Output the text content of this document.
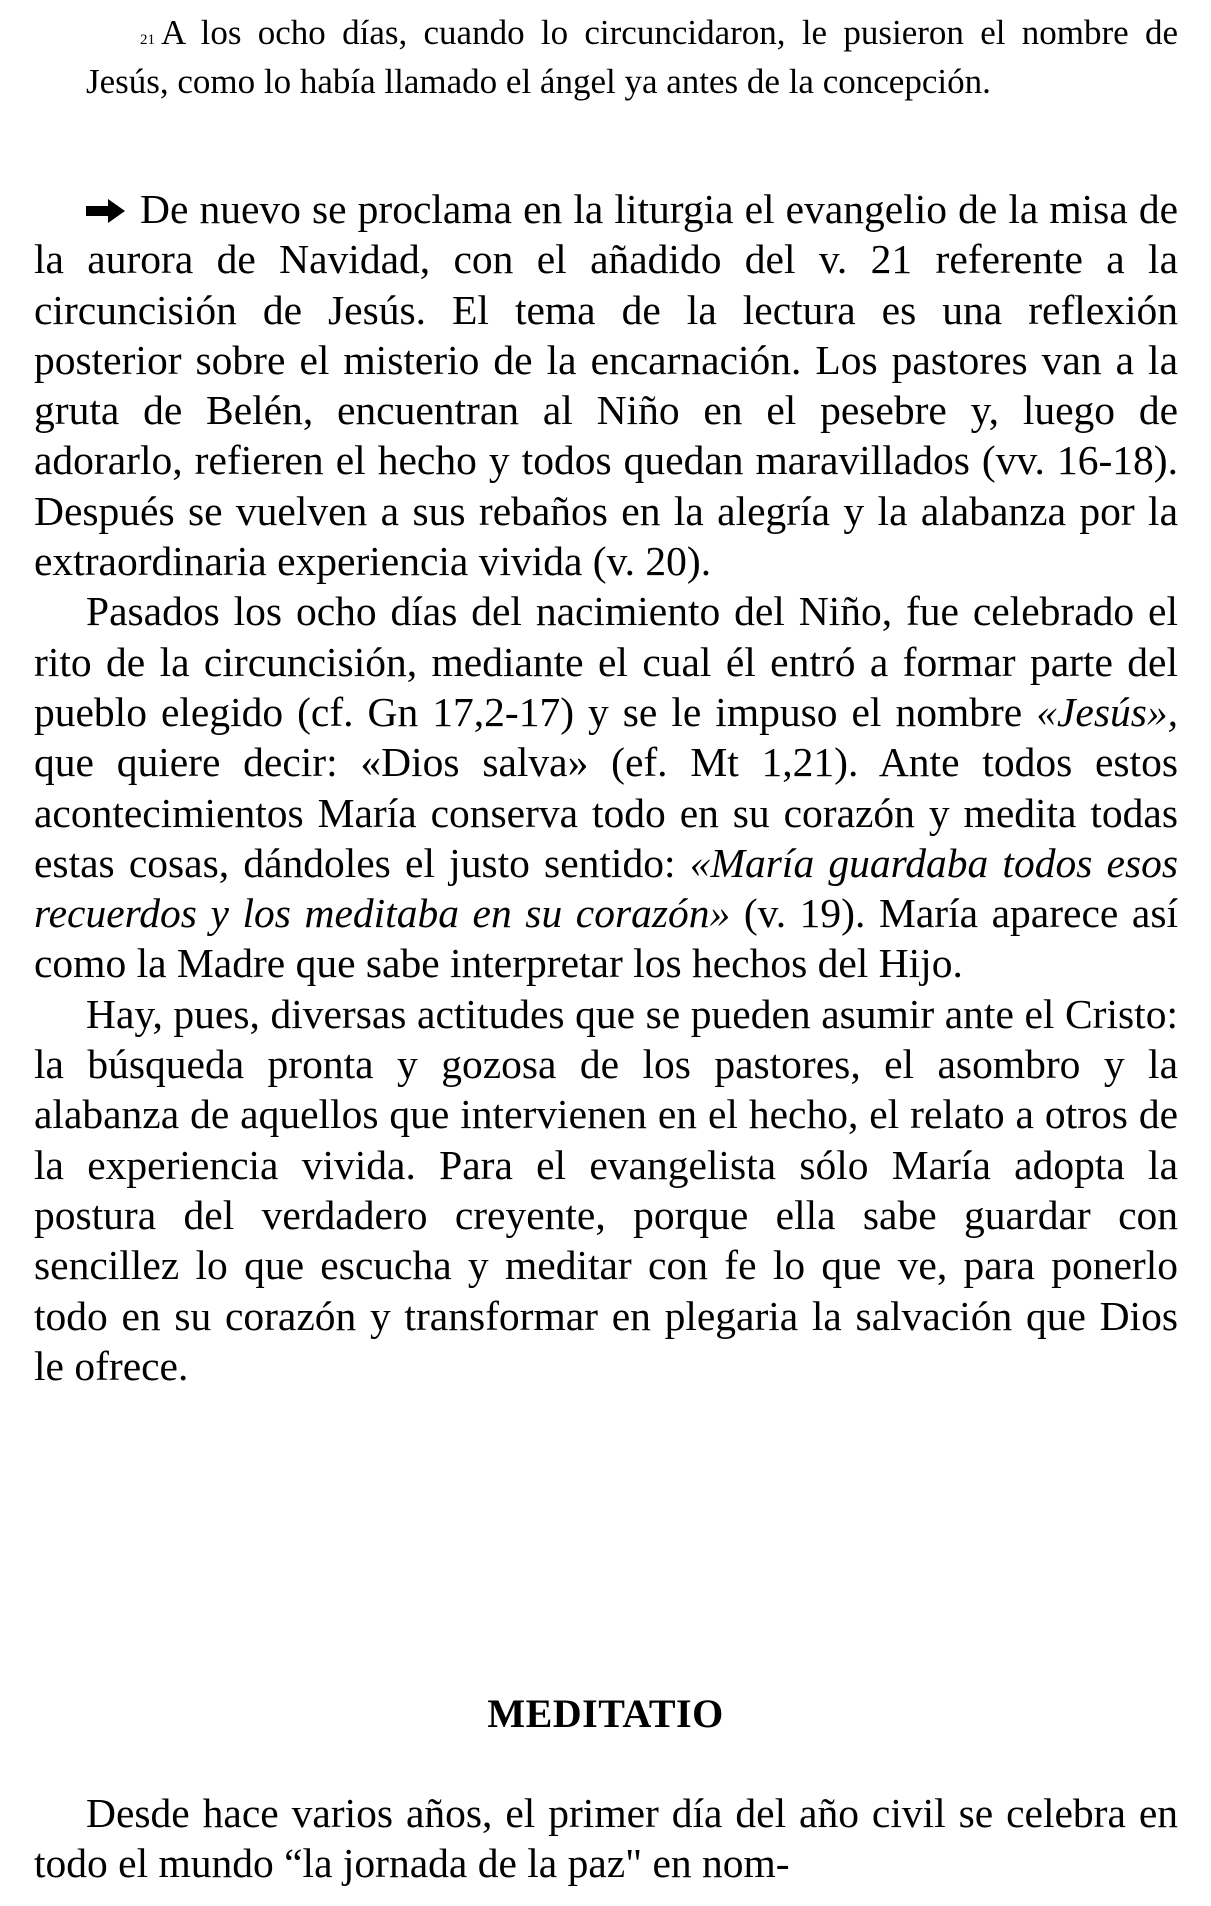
21 A los ocho días, cuando lo circuncidaron, le pusieron el nombre de Jesús, como lo había llamado el ángel ya antes de la concepción.

De nuevo se proclama en la liturgia el evangelio de la misa de la aurora de Navidad, con el añadido del v. 21 referente a la circuncisión de Jesús. El tema de la lectura es una reflexión posterior sobre el misterio de la encarnación. Los pastores van a la gruta de Belén, encuentran al Niño en el pesebre y, luego de adorarlo, refieren el hecho y todos quedan maravillados (vv. 16-18). Después se vuelven a sus rebaños en la alegría y la alabanza por la extraordinaria experiencia vivida (v. 20).

Pasados los ocho días del nacimiento del Niño, fue celebrado el rito de la circuncisión, mediante el cual él entró a formar parte del pueblo elegido (cf. Gn 17,2-17) y se le impuso el nombre «Jesús», que quiere decir: «Dios salva» (ef. Mt 1,21). Ante todos estos acontecimientos María conserva todo en su corazón y medita todas estas cosas, dándoles el justo sentido: «María guardaba todos esos recuerdos y los meditaba en su corazón» (v. 19). María aparece así como la Madre que sabe interpretar los hechos del Hijo.

Hay, pues, diversas actitudes que se pueden asumir ante el Cristo: la búsqueda pronta y gozosa de los pastores, el asombro y la alabanza de aquellos que intervienen en el hecho, el relato a otros de la experiencia vivida. Para el evangelista sólo María adopta la postura del verdadero creyente, porque ella sabe guardar con sencillez lo que escucha y meditar con fe lo que ve, para ponerlo todo en su corazón y transformar en plegaria la salvación que Dios le ofrece.

MEDITATIO

Desde hace varios años, el primer día del año civil se celebra en todo el mundo “la jornada de la paz" en nom-
